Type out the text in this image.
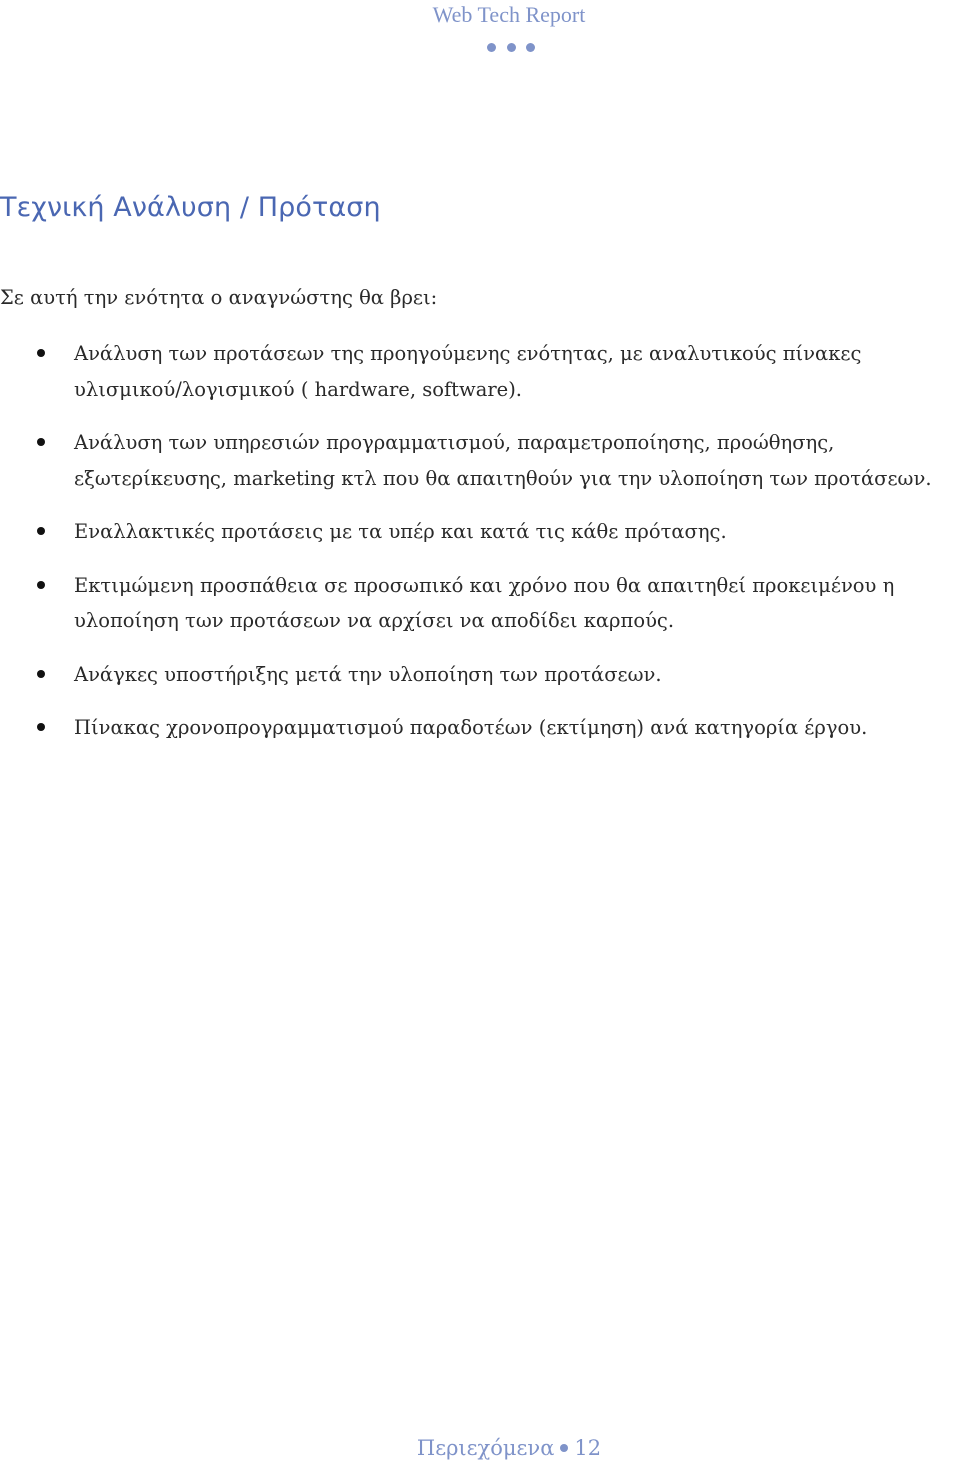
Web Tech Report
Τεχνική Ανάλυση / Πρόταση
Σε αυτή την ενότητα ο αναγνώστης θα βρει:
Ανάλυση των προτάσεων της προηγούμενης ενότητας, με αναλυτικούς πίνακες
υλισμικού/λογισμικού ( hardware, software).
Ανάλυση των υπηρεσιών προγραμματισμού, παραμετροποίησης, προώθησης,
εξωτερίκευσης, marketing κτλ που θα απαιτηθούν για την υλοποίηση των προτάσεων.
Εναλλακτικές προτάσεις με τα υπέρ και κατά τις κάθε πρότασης.
Εκτιμώμενη προσπάθεια σε προσωπικό και χρόνο που θα απαιτηθεί προκειμένου η
υλοποίηση των προτάσεων να αρχίσει να αποδίδει καρπούς.
Ανάγκες υποστήριξης μετά την υλοποίηση των προτάσεων.
Πίνακας χρονοπρογραμματισμού παραδοτέων (εκτίμηση) ανά κατηγορία έργου.
Περιεχόμενα 12
